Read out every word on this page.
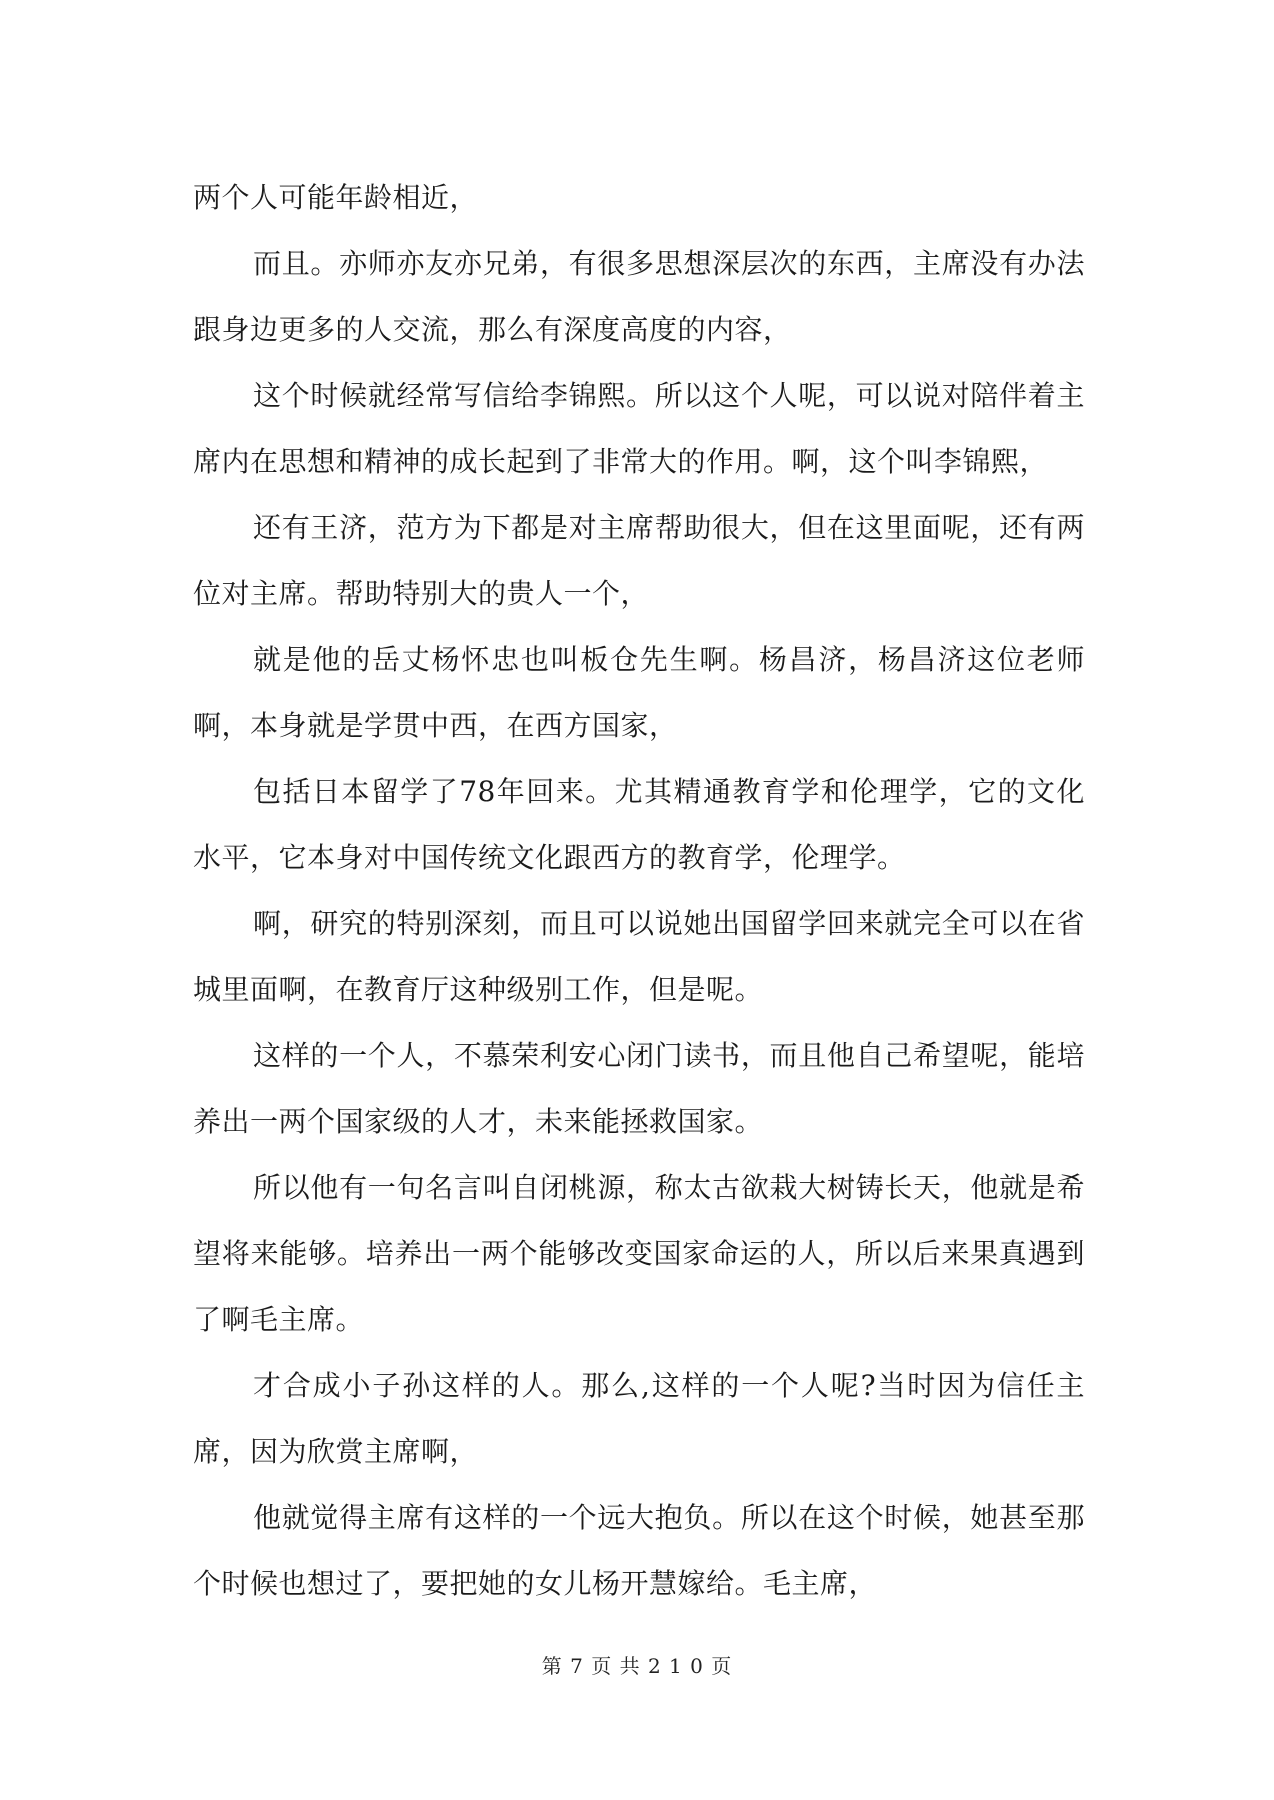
两个人可能年龄相近，

而且。亦师亦友亦兄弟，有很多思想深层次的东西，主席没有办法跟身边更多的人交流，那么有深度高度的内容，

这个时候就经常写信给李锦熙。所以这个人呢，可以说对陪伴着主席内在思想和精神的成长起到了非常大的作用。啊，这个叫李锦熙，

还有王济，范方为下都是对主席帮助很大，但在这里面呢，还有两位对主席。帮助特别大的贵人一个，

就是他的岳丈杨怀忠也叫板仓先生啊。杨昌济，杨昌济这位老师啊，本身就是学贯中西，在西方国家，

包括日本留学了78年回来。尤其精通教育学和伦理学，它的文化水平，它本身对中国传统文化跟西方的教育学，伦理学。

啊，研究的特别深刻，而且可以说她出国留学回来就完全可以在省城里面啊，在教育厅这种级别工作，但是呢。

这样的一个人，不慕荣利安心闭门读书，而且他自己希望呢，能培养出一两个国家级的人才，未来能拯救国家。

所以他有一句名言叫自闭桃源，称太古欲栽大树铸长天，他就是希望将来能够。培养出一两个能够改变国家命运的人，所以后来果真遇到了啊毛主席。

才合成小子孙这样的人。那么,这样的一个人呢?当时因为信任主席，因为欣赏主席啊，

他就觉得主席有这样的一个远大抱负。所以在这个时候，她甚至那个时候也想过了，要把她的女儿杨开慧嫁给。毛主席，

第 7 页 共 2 1 0 页
